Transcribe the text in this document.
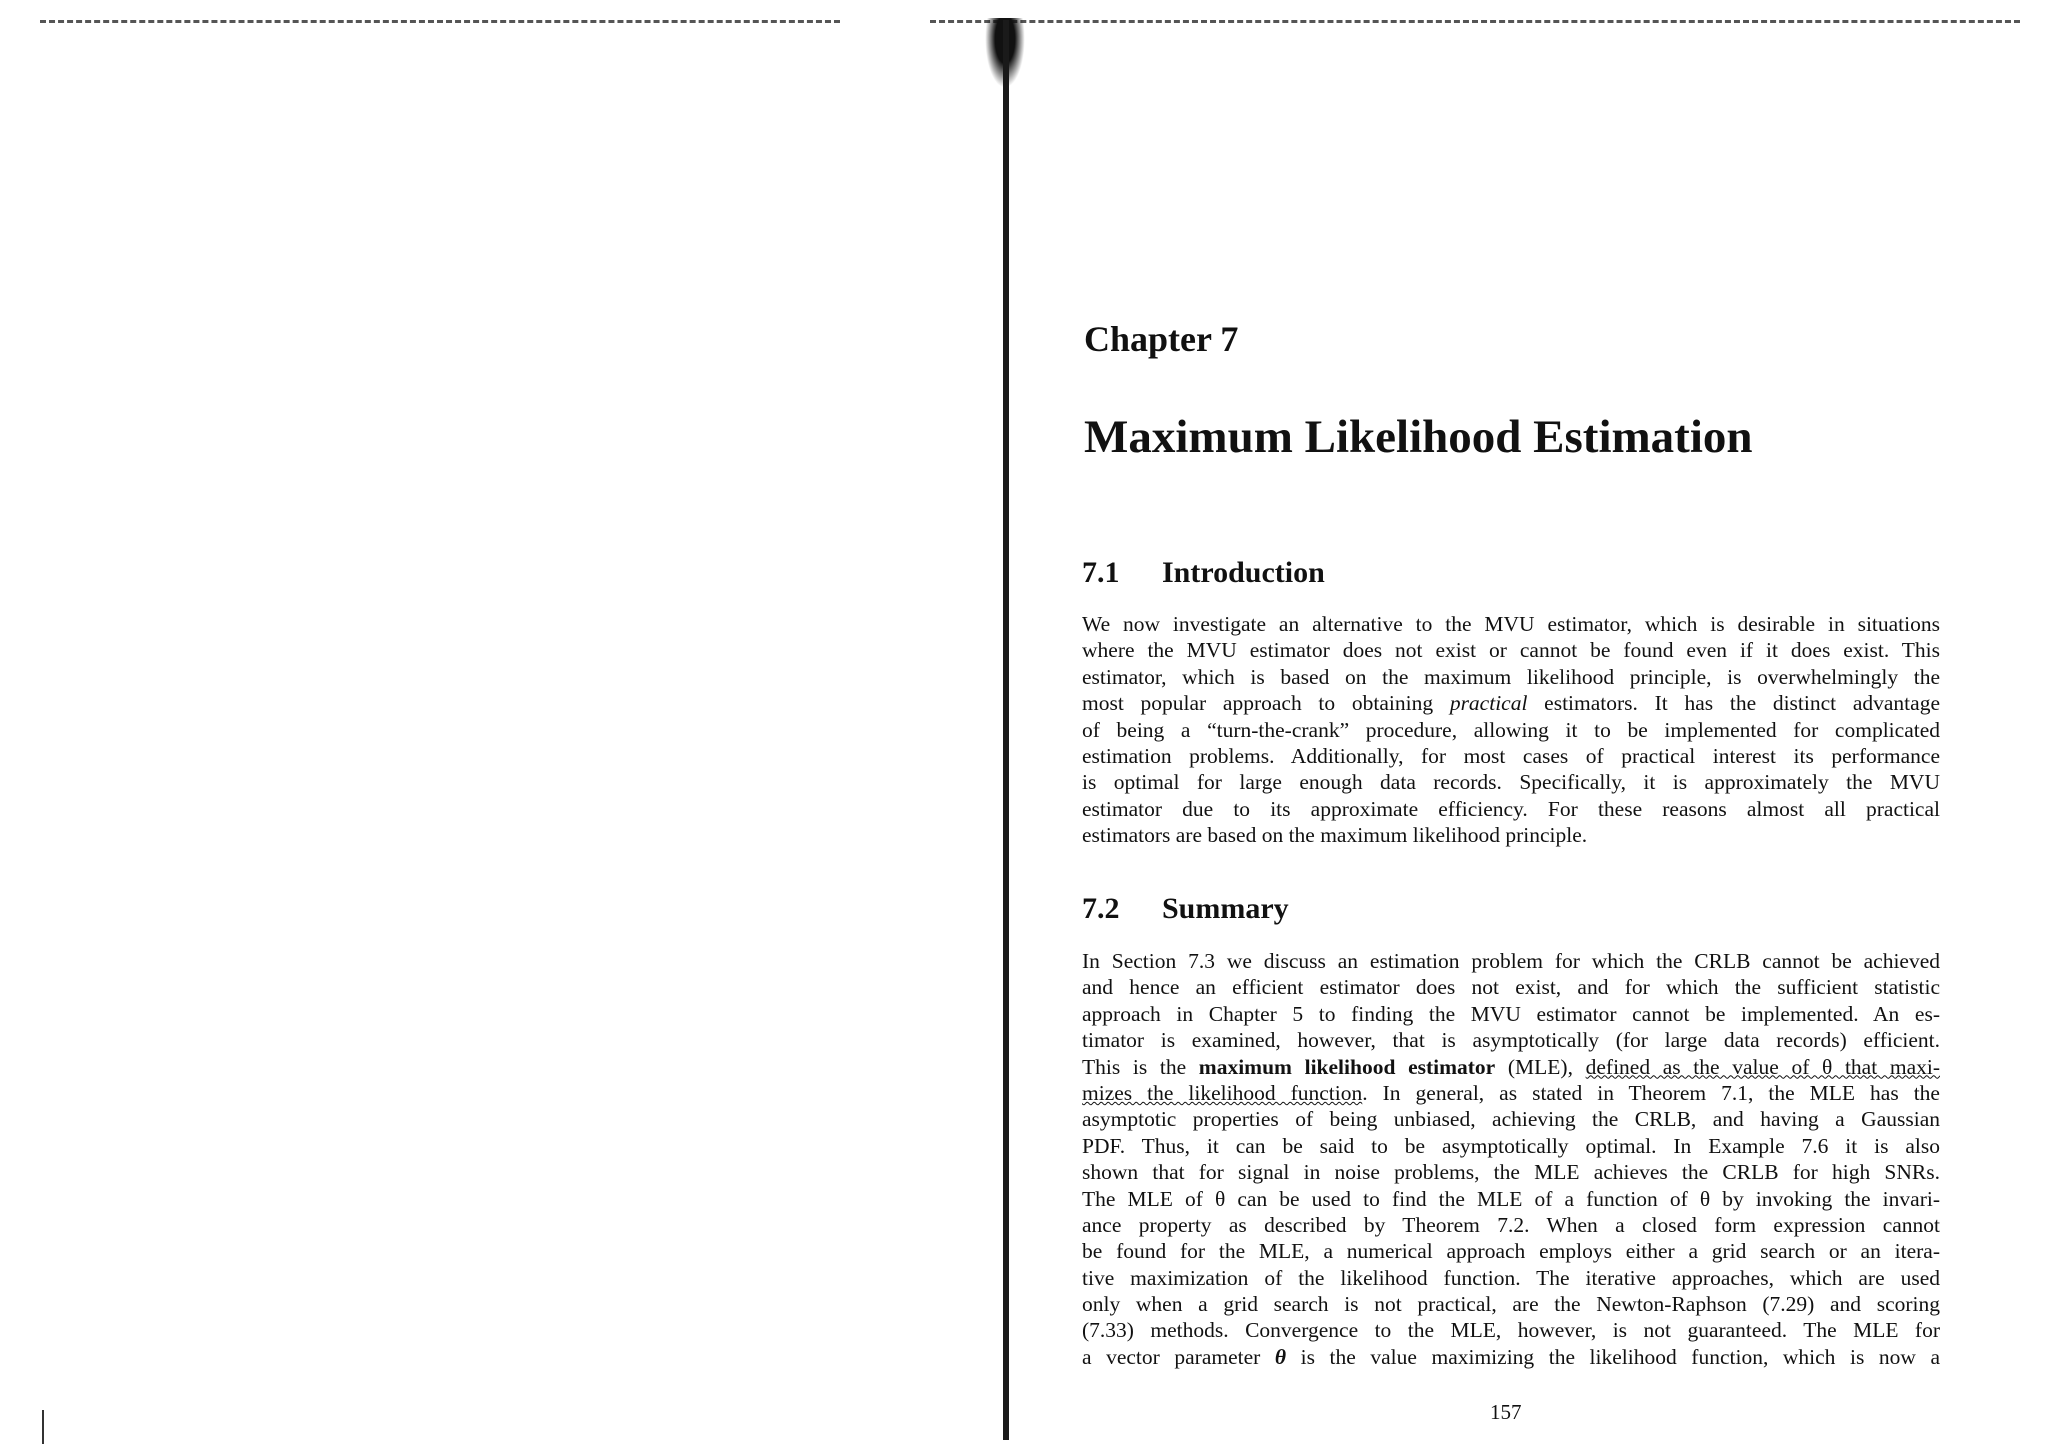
Chapter 7
Maximum Likelihood Estimation
7.1 Introduction
We now investigate an alternative to the MVU estimator, which is desirable in situations
where the MVU estimator does not exist or cannot be found even if it does exist. This
estimator, which is based on the maximum likelihood principle, is overwhelmingly the
most popular approach to obtaining practical estimators. It has the distinct advantage
of being a “turn-the-crank” procedure, allowing it to be implemented for complicated
estimation problems. Additionally, for most cases of practical interest its performance
is optimal for large enough data records. Specifically, it is approximately the MVU
estimator due to its approximate efficiency. For these reasons almost all practical
estimators are based on the maximum likelihood principle.
7.2 Summary
In Section 7.3 we discuss an estimation problem for which the CRLB cannot be achieved
and hence an efficient estimator does not exist, and for which the sufficient statistic
approach in Chapter 5 to finding the MVU estimator cannot be implemented. An es-
timator is examined, however, that is asymptotically (for large data records) efficient.
This is the maximum likelihood estimator (MLE), defined as the value of θ that maxi-
mizes the likelihood function. In general, as stated in Theorem 7.1, the MLE has the
asymptotic properties of being unbiased, achieving the CRLB, and having a Gaussian
PDF. Thus, it can be said to be asymptotically optimal. In Example 7.6 it is also
shown that for signal in noise problems, the MLE achieves the CRLB for high SNRs.
The MLE of θ can be used to find the MLE of a function of θ by invoking the invari-
ance property as described by Theorem 7.2. When a closed form expression cannot
be found for the MLE, a numerical approach employs either a grid search or an itera-
tive maximization of the likelihood function. The iterative approaches, which are used
only when a grid search is not practical, are the Newton-Raphson (7.29) and scoring
(7.33) methods. Convergence to the MLE, however, is not guaranteed. The MLE for
a vector parameter θ is the value maximizing the likelihood function, which is now a
157
